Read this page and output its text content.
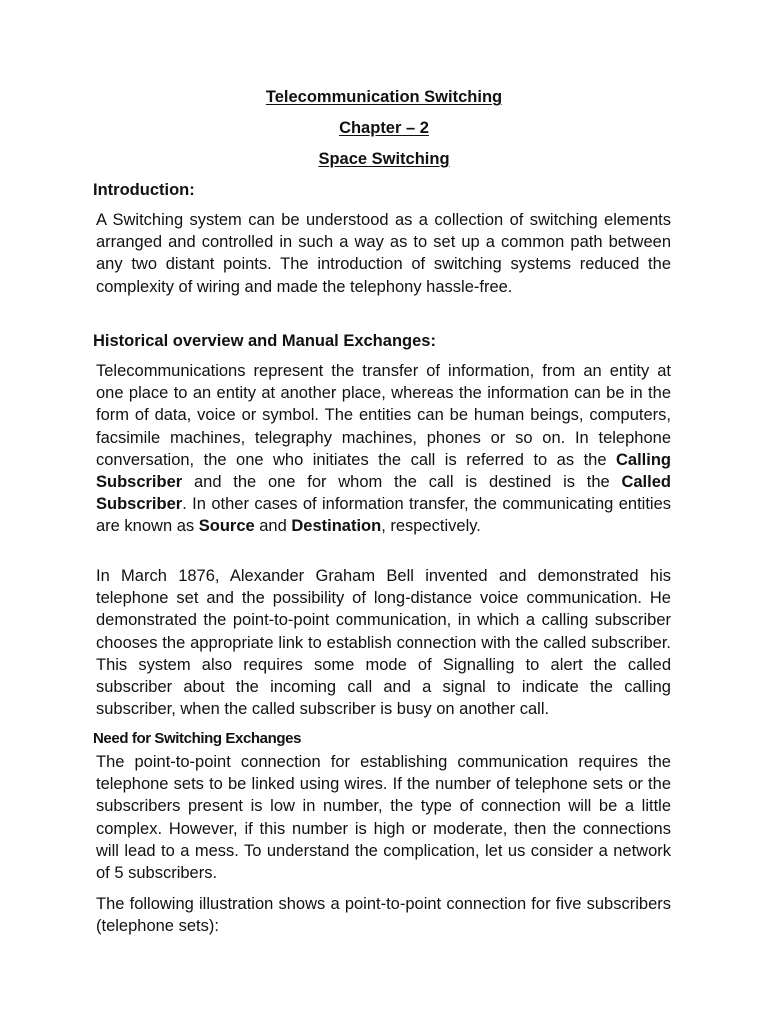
Telecommunication Switching
Chapter – 2
Space Switching
Introduction:

A Switching system can be understood as a collection of switching elements arranged and controlled in such a way as to set up a common path between any two distant points. The introduction of switching systems reduced the complexity of wiring and made the telephony hassle-free.

Historical overview and Manual Exchanges:

Telecommunications represent the transfer of information, from an entity at one place to an entity at another place, whereas the information can be in the form of data, voice or symbol. The entities can be human beings, computers, facsimile machines, telegraphy machines, phones or so on. In telephone conversation, the one who initiates the call is referred to as the Calling Subscriber and the one for whom the call is destined is the Called Subscriber. In other cases of information transfer, the communicating entities are known as Source and Destination, respectively.

In March 1876, Alexander Graham Bell invented and demonstrated his telephone set and the possibility of long-distance voice communication. He demonstrated the point-to-point communication, in which a calling subscriber chooses the appropriate link to establish connection with the called subscriber. This system also requires some mode of Signalling to alert the called subscriber about the incoming call and a signal to indicate the calling subscriber, when the called subscriber is busy on another call.

Need for Switching Exchanges

The point-to-point connection for establishing communication requires the telephone sets to be linked using wires. If the number of telephone sets or the subscribers present is low in number, the type of connection will be a little complex. However, if this number is high or moderate, then the connections will lead to a mess. To understand the complication, let us consider a network of 5 subscribers.

The following illustration shows a point-to-point connection for five subscribers (telephone sets):
